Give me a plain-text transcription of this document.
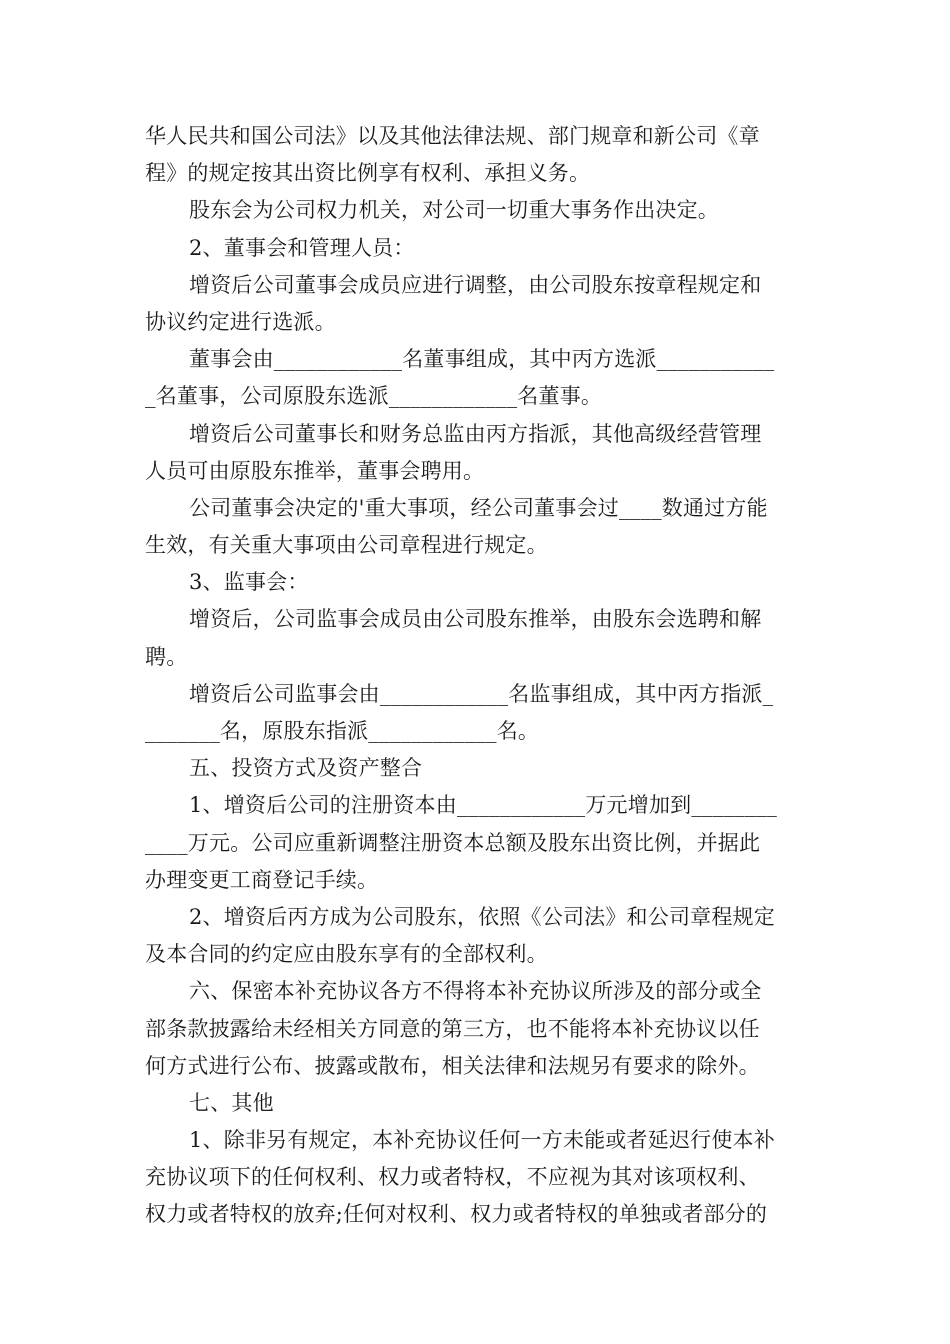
华人民共和国公司法》以及其他法律法规、部门规章和新公司《章
程》的规定按其出资比例享有权利、承担义务。
股东会为公司权力机关，对公司一切重大事务作出决定。
2、董事会和管理人员：
增资后公司董事会成员应进行调整，由公司股东按章程规定和
协议约定进行选派。
董事会由____________名董事组成，其中丙方选派___________
_名董事，公司原股东选派____________名董事。
增资后公司董事长和财务总监由丙方指派，其他高级经营管理
人员可由原股东推举，董事会聘用。
公司董事会决定的'重大事项，经公司董事会过____数通过方能
生效，有关重大事项由公司章程进行规定。
3、监事会：
增资后，公司监事会成员由公司股东推举，由股东会选聘和解
聘。
增资后公司监事会由____________名监事组成，其中丙方指派_
_______名，原股东指派____________名。
五、投资方式及资产整合
1、增资后公司的注册资本由____________万元增加到________
____万元。公司应重新调整注册资本总额及股东出资比例，并据此
办理变更工商登记手续。
2、增资后丙方成为公司股东，依照《公司法》和公司章程规定
及本合同的约定应由股东享有的全部权利。
六、保密本补充协议各方不得将本补充协议所涉及的部分或全
部条款披露给未经相关方同意的第三方，也不能将本补充协议以任
何方式进行公布、披露或散布，相关法律和法规另有要求的除外。
七、其他
1、除非另有规定，本补充协议任何一方未能或者延迟行使本补
充协议项下的任何权利、权力或者特权，不应视为其对该项权利、
权力或者特权的放弃;任何对权利、权力或者特权的单独或者部分的
